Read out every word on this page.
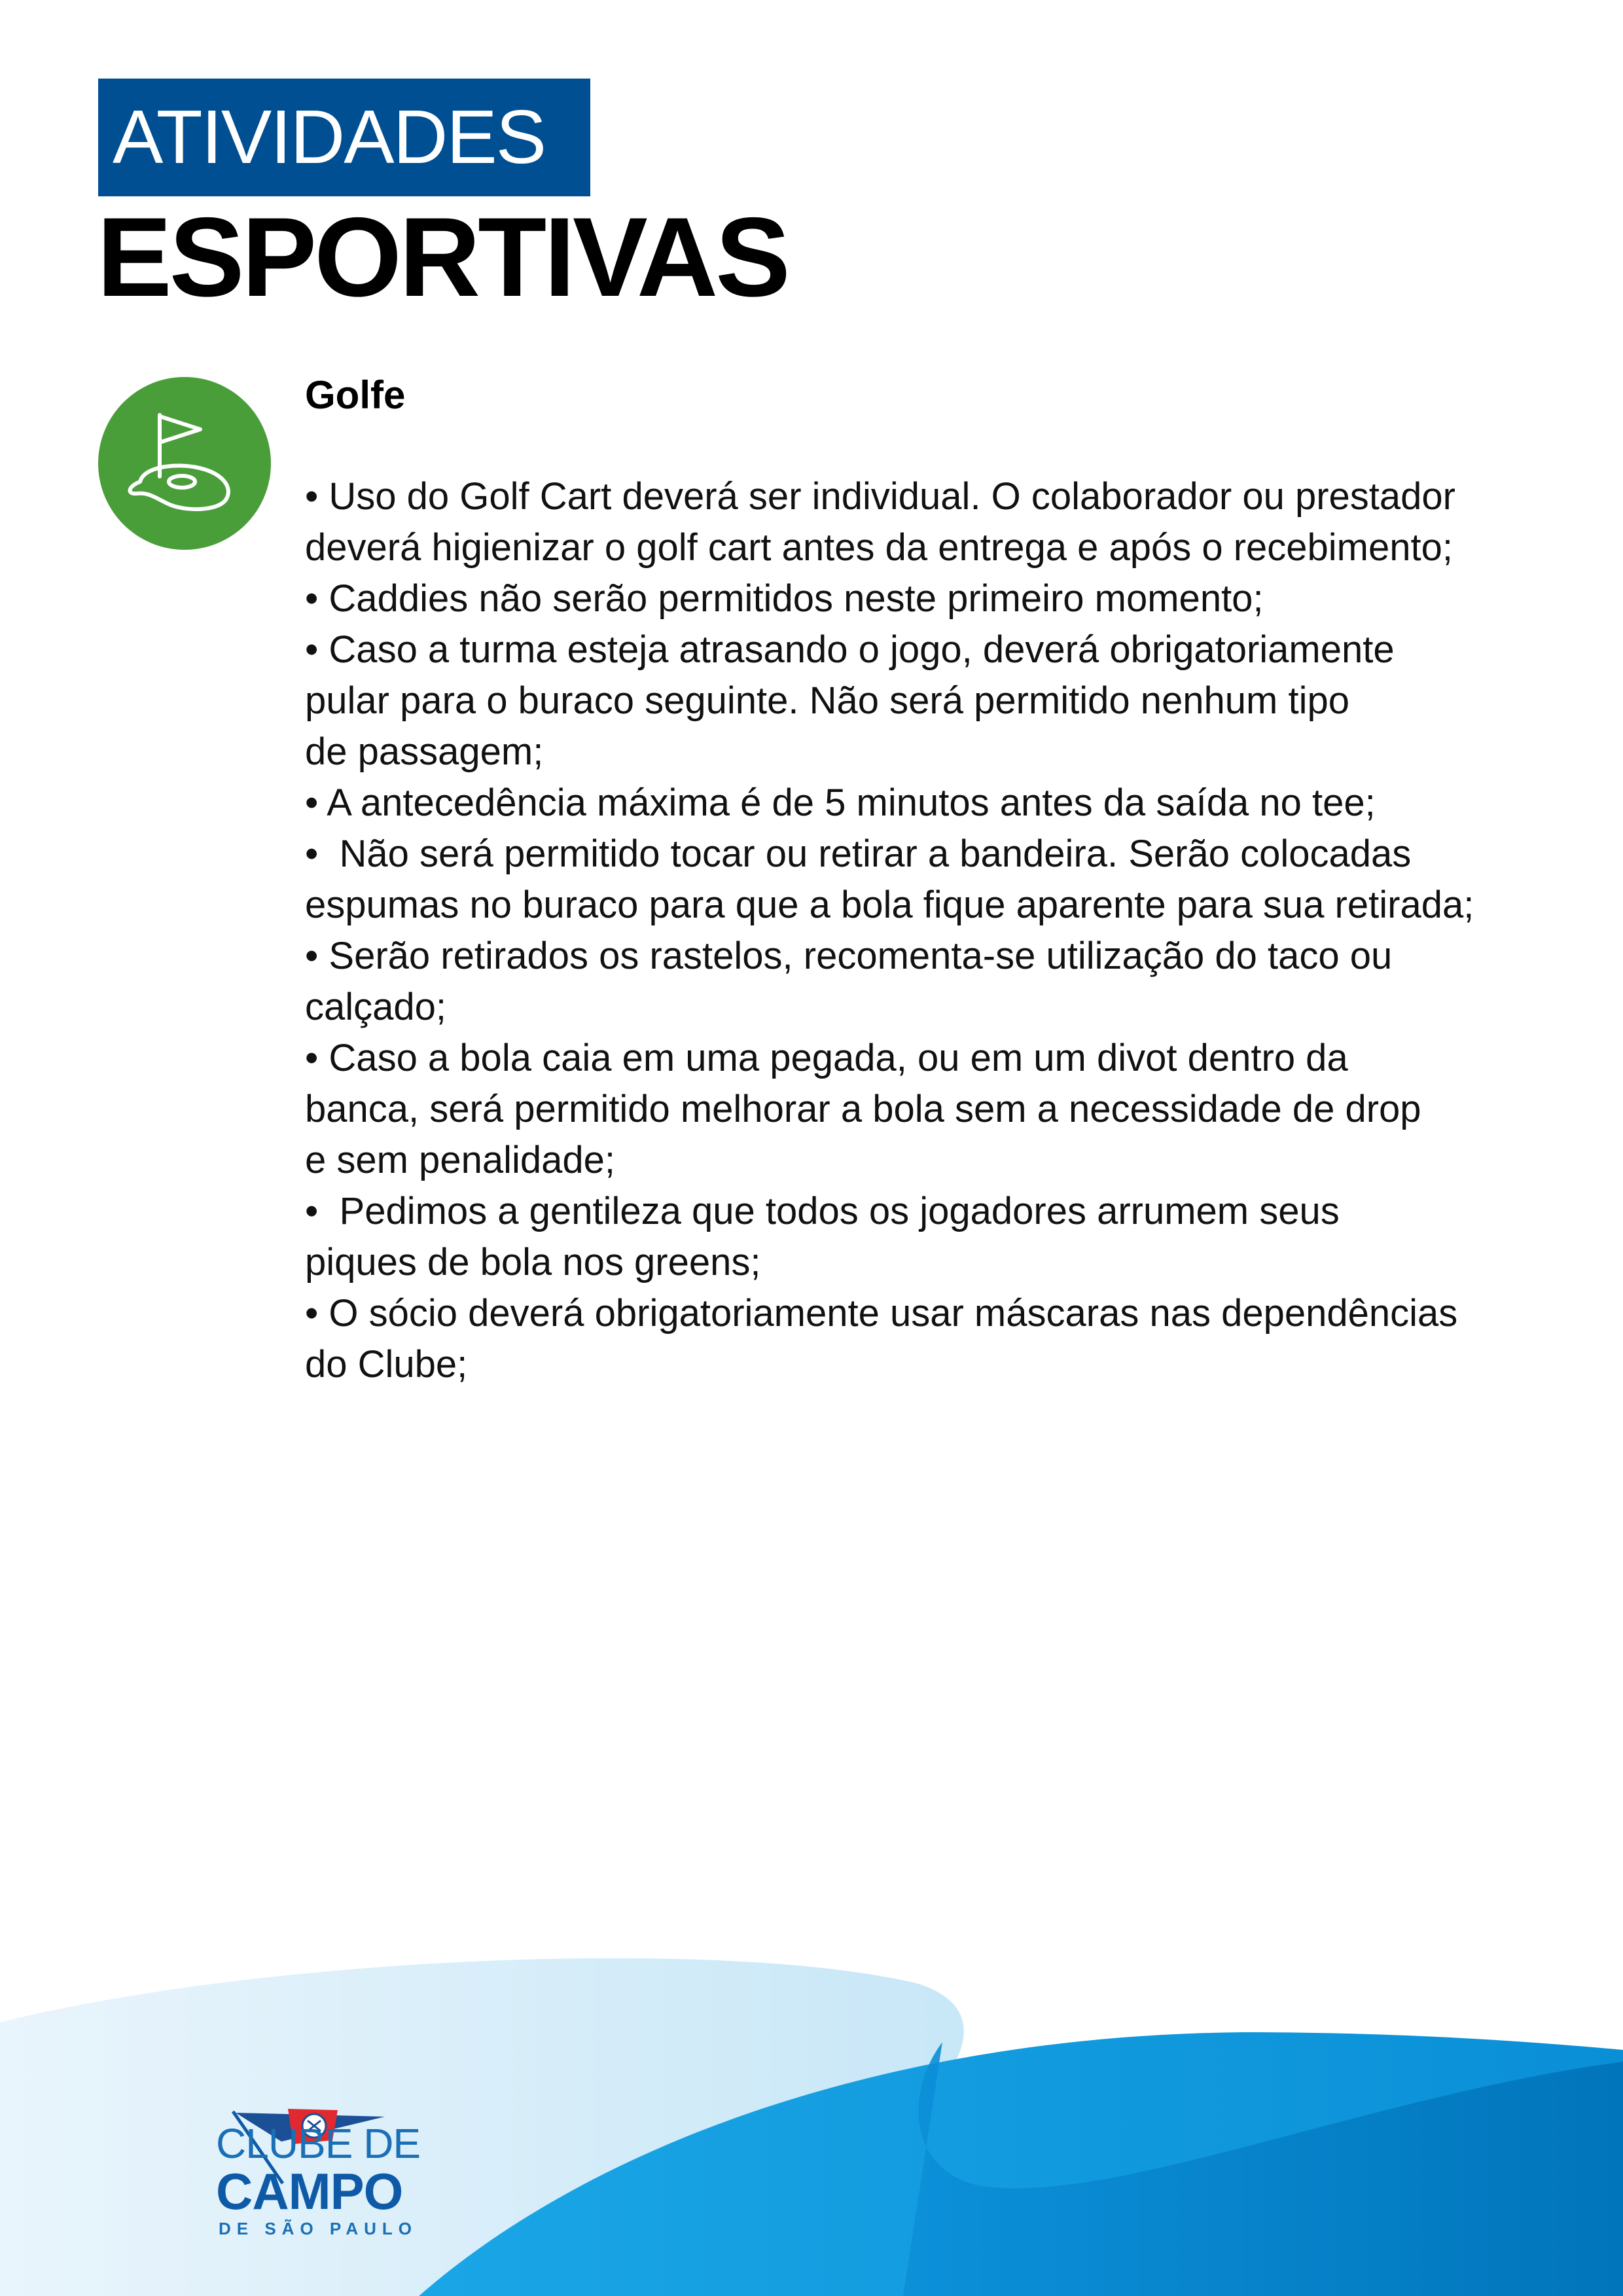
ATIVIDADES
ESPORTIVAS
Golfe
• Uso do Golf Cart deverá ser individual. O colaborador ou prestador
deverá higienizar o golf cart antes da entrega e após o recebimento;
• Caddies não serão permitidos neste primeiro momento;
• Caso a turma esteja atrasando o jogo, deverá obrigatoriamente
pular para o buraco seguinte. Não será permitido nenhum tipo
de passagem;
• A antecedência máxima é de 5 minutos antes da saída no tee;
•  Não será permitido tocar ou retirar a bandeira. Serão colocadas
espumas no buraco para que a bola fique aparente para sua retirada;
• Serão retirados os rastelos, recomenta-se utilização do taco ou
calçado;
• Caso a bola caia em uma pegada, ou em um divot dentro da
banca, será permitido melhorar a bola sem a necessidade de drop
e sem penalidade;
•  Pedimos a gentileza que todos os jogadores arrumem seus
piques de bola nos greens;
• O sócio deverá obrigatoriamente usar máscaras nas dependências
do Clube;
CLUBE DE
CAMPO
DE SÃO PAULO
